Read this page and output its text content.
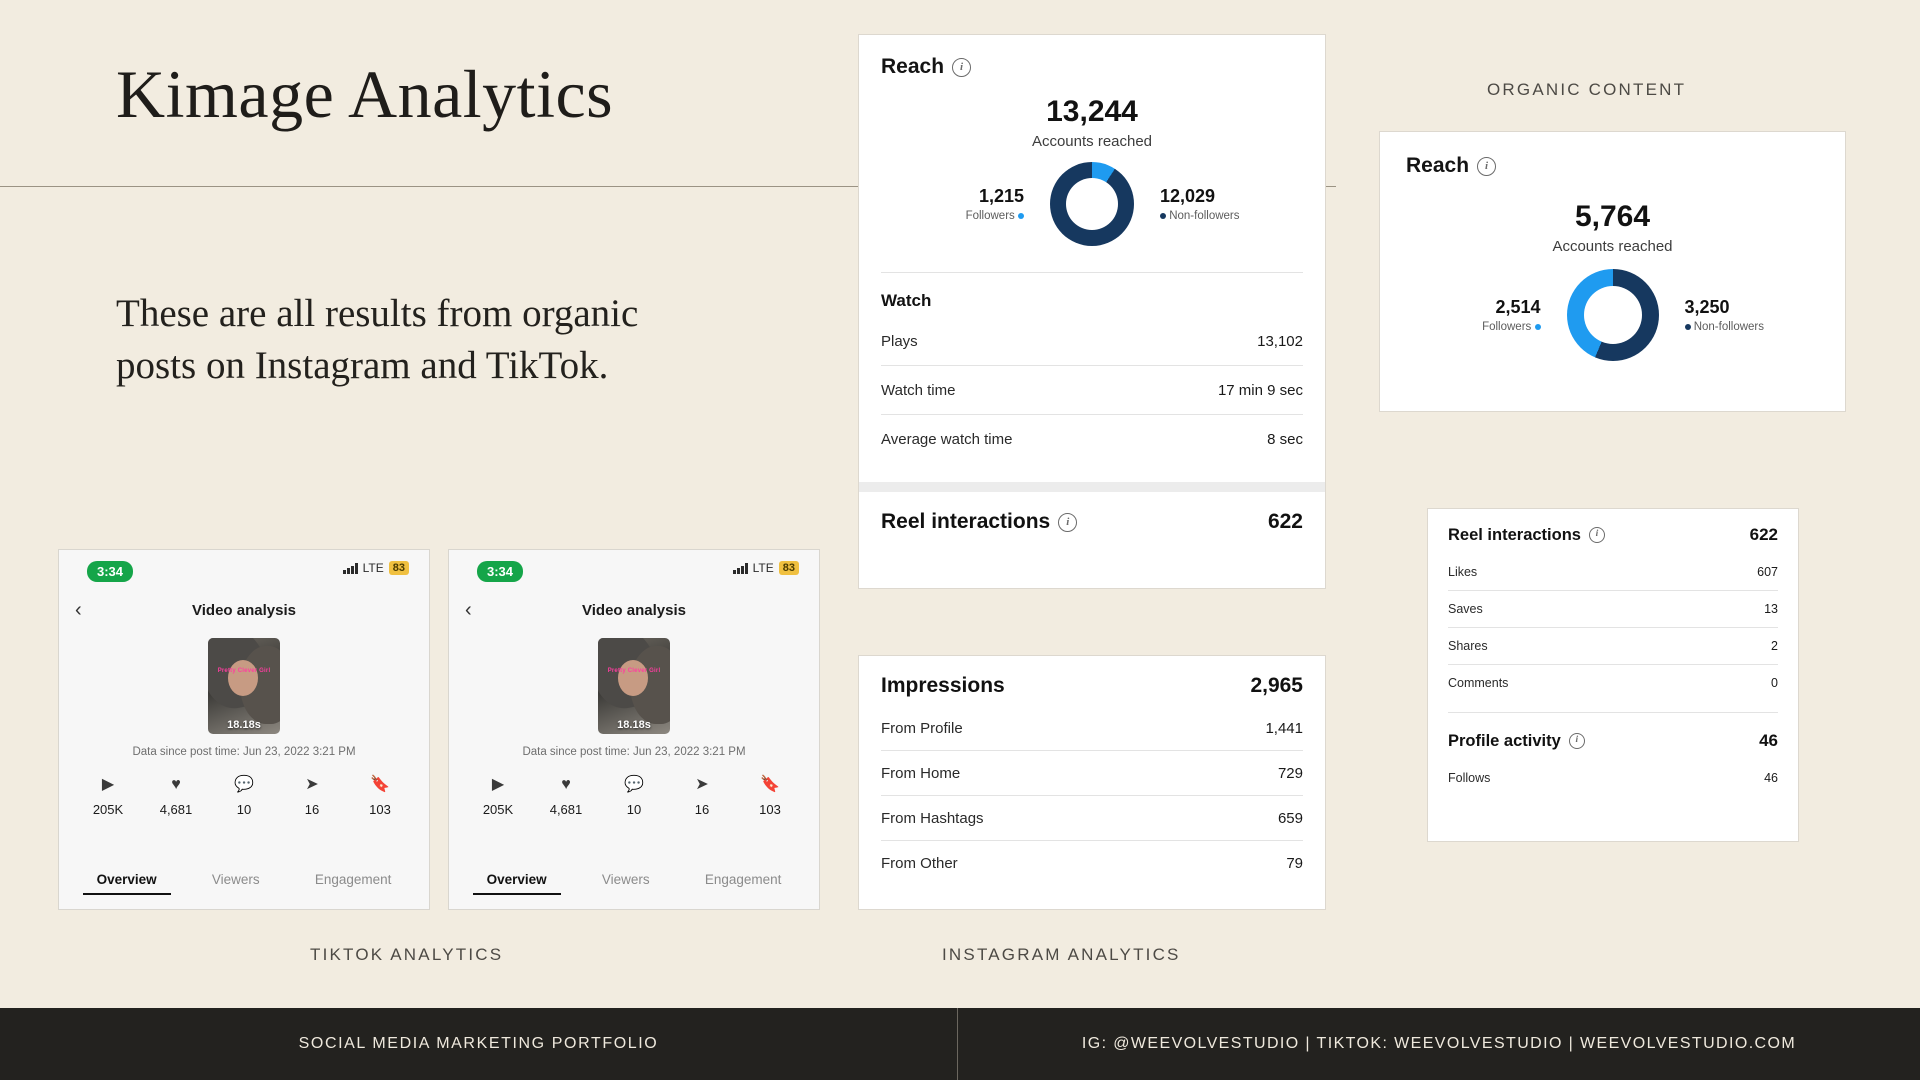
Kimage Analytics
These are all results from organic posts on Instagram and TikTok.
TIKTOK ANALYTICS	INSTAGRAM ANALYTICS
ORGANIC CONTENT
3:34	LTE 83
‹	Video analysis
Pretty Clever Girl
18.18s
Data since post time: Jun 23, 2022 3:21 PM
▶
205K
♥
4,681
💬
10
➤
16
🔖
103
Overview	Viewers	Engagement
3:34	LTE 83
‹	Video analysis
Pretty Clever Girl
18.18s
Data since post time: Jun 23, 2022 3:21 PM
▶
205K
♥
4,681
💬
10
➤
16
🔖
103
Overview	Viewers	Engagement
Reach	i
13,244
Accounts reached
1,215
Followers
12,029
Non-followers
Watch
Plays	13,102
Watch time	17 min 9 sec
Average watch time	8 sec
Reel interactions	i	622
Impressions	2,965
From Profile	1,441
From Home	729
From Hashtags	659
From Other	79
Reach	i
5,764
Accounts reached
2,514
Followers
3,250
Non-followers
Reel interactions	i	622
Likes	607
Saves	13
Shares	2
Comments	0
Profile activity	i	46
Follows	46
SOCIAL MEDIA MARKETING PORTFOLIO	IG: @WEEVOLVESTUDIO | TIKTOK: WEEVOLVESTUDIO | WEEVOLVESTUDIO.COM
